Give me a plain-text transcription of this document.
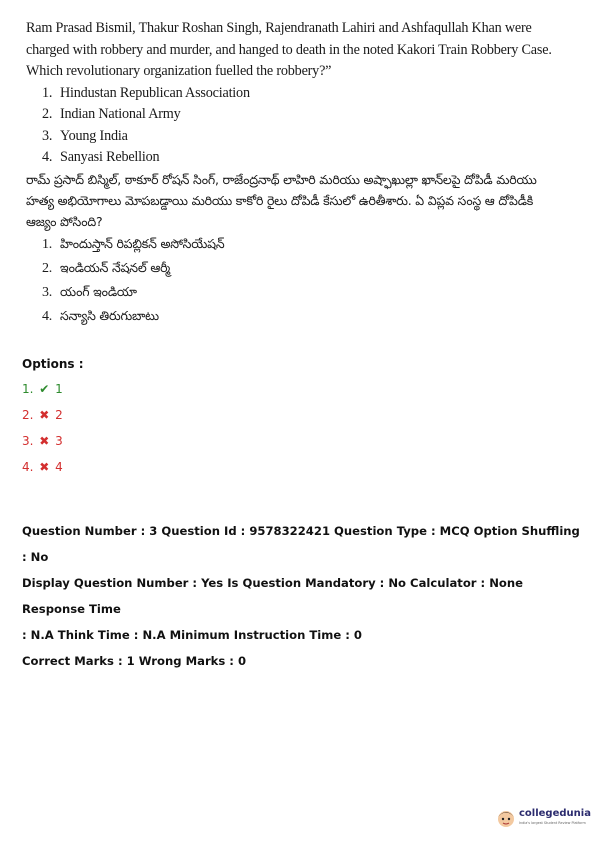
Ram Prasad Bismil, Thakur Roshan Singh, Rajendranath Lahiri and Ashfaqullah Khan were charged with robbery and murder, and hanged to death in the noted Kakori Train Robbery Case. Which revolutionary organization fuelled the robbery?”

1. Hindustan Republican Association
2. Indian National Army
3. Young India
4. Sanyasi Rebellion

రామ్ ప్రసాద్ బిస్మిల్, ఠాకూర్ రోషన్ సింగ్, రాజేంద్రనాథ్ లాహిరి మరియు అష్ఫాఖుల్లా ఖాన్‌లపై దోపిడీ మరియు హత్య అభియోగాలు మోపబడ్డాయి మరియు కాకోరి రైలు దోపిడీ కేసులో ఉరితీశారు. ఏ విప్లవ సంస్థ ఆ దోపిడీకి ఆజ్యం పోసింది?

1. హిందుస్తాన్ రిపబ్లికన్ అసోసియేషన్
2. ఇండియన్ నేషనల్ ఆర్మీ
3. యంగ్ ఇండియా
4. సన్యాసి తిరుగుబాటు
Options :
1. ✔ 1
2. ✖ 2
3. ✖ 3
4. ✖ 4

Question Number : 3 Question Id : 9578322421 Question Type : MCQ Option Shuffling : No

Display Question Number : Yes Is Question Mandatory : No Calculator : None Response Time

: N.A Think Time : N.A Minimum Instruction Time : 0

Correct Marks : 1 Wrong Marks : 0

collegedunia
India's largest Student Review Platform
